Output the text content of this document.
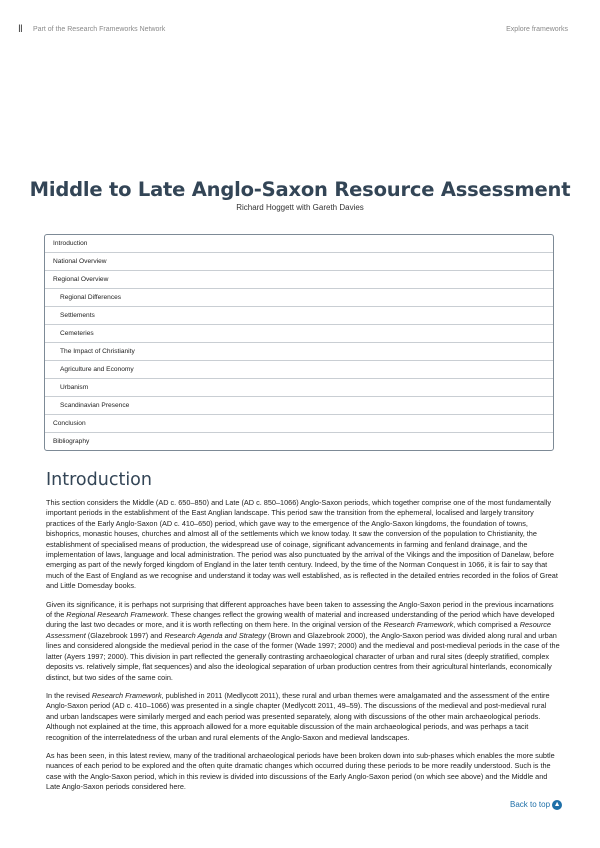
ǁ Part of the Research Frameworks Network	Explore frameworks
Middle to Late Anglo-Saxon Resource Assessment
Richard Hoggett with Gareth Davies
Introduction
National Overview
Regional Overview
Regional Differences
Settlements
Cemeteries
The Impact of Christianity
Agriculture and Economy
Urbanism
Scandinavian Presence
Conclusion
Bibliography
Introduction

This section considers the Middle (AD c. 650–850) and Late (AD c. 850–1066) Anglo-Saxon periods, which together comprise one of the most fundamentally important periods in the establishment of the East Anglian landscape. This period saw the transition from the ephemeral, localised and largely transitory practices of the Early Anglo-Saxon (AD c. 410–650) period, which gave way to the emergence of the Anglo-Saxon kingdoms, the foundation of towns, bishoprics, monastic houses, churches and almost all of the settlements which we know today. It saw the conversion of the population to Christianity, the establishment of specialised means of production, the widespread use of coinage, significant advancements in farming and fenland drainage, and the implementation of laws, language and local administration. The period was also punctuated by the arrival of the Vikings and the imposition of Danelaw, before emerging as part of the newly forged kingdom of England in the later tenth century. Indeed, by the time of the Norman Conquest in 1066, it is fair to say that much of the East of England as we recognise and understand it today was well established, as is reflected in the detailed entries recorded in the folios of Great and Little Domesday books.

Given its significance, it is perhaps not surprising that different approaches have been taken to assessing the Anglo-Saxon period in the previous incarnations of the Regional Research Framework. These changes reflect the growing wealth of material and increased understanding of the period which have developed during the last two decades or more, and it is worth reflecting on them here. In the original version of the Research Framework, which comprised a Resource Assessment (Glazebrook 1997) and Research Agenda and Strategy (Brown and Glazebrook 2000), the Anglo-Saxon period was divided along rural and urban lines and considered alongside the medieval period in the case of the former (Wade 1997; 2000) and the medieval and post-medieval periods in the case of the latter (Ayers 1997; 2000). This division in part reflected the generally contrasting archaeological character of urban and rural sites (deeply stratified, complex deposits vs. relatively simple, flat sequences) and also the ideological separation of urban production centres from their agricultural hinterlands, economically distinct, but two sides of the same coin.

In the revised Research Framework, published in 2011 (Medlycott 2011), these rural and urban themes were amalgamated and the assessment of the entire Anglo-Saxon period (AD c. 410–1066) was presented in a single chapter (Medlycott 2011, 49–59). The discussions of the medieval and post-medieval rural and urban landscapes were similarly merged and each period was presented separately, along with discussions of the other main archaeological periods. Although not explained at the time, this approach allowed for a more equitable discussion of the main archaeological periods, and was perhaps a tacit recognition of the interrelatedness of the urban and rural elements of the Anglo-Saxon and medieval landscapes.

As has been seen, in this latest review, many of the traditional archaeological periods have been broken down into sub-phases which enables the more subtle nuances of each period to be explored and the often quite dramatic changes which occurred during these periods to be more readily understood. Such is the case with the Anglo-Saxon period, which in this review is divided into discussions of the Early Anglo-Saxon period (on which see above) and the Middle and Late Anglo-Saxon periods considered here.

Back to top ▲
